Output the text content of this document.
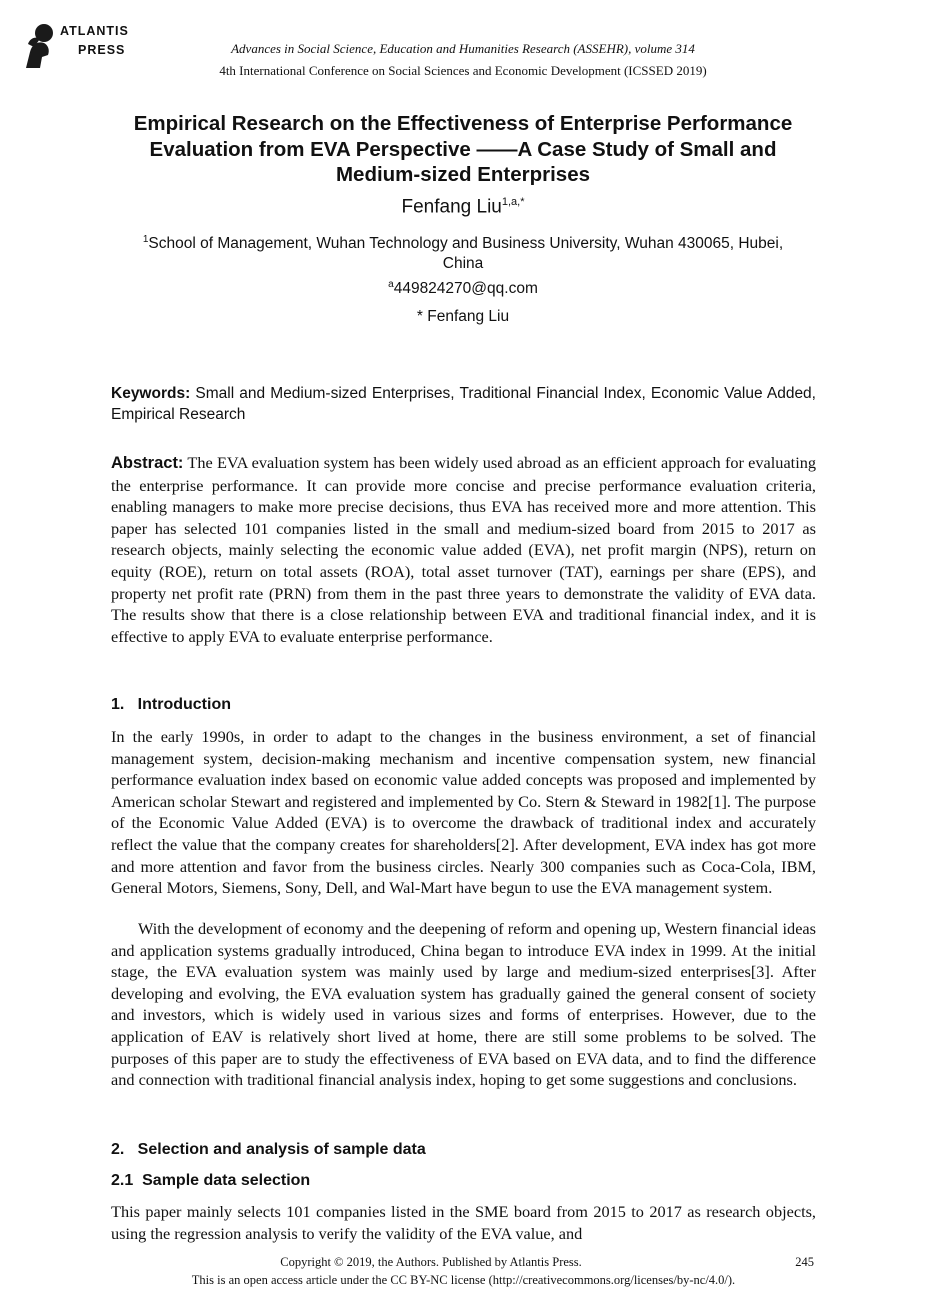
ATLANTIS
PRESS	Advances in Social Science, Education and Humanities Research (ASSEHR), volume 314
4th International Conference on Social Sciences and Economic Development (ICSSED 2019)
Empirical Research on the Effectiveness of Enterprise Performance
Evaluation from EVA Perspective ——A Case Study of Small and
Medium-sized Enterprises
Fenfang Liu$^{1,a,*}$
$^1$School of Management, Wuhan Technology and Business University, Wuhan 430065, Hubei,
China
$^a$449824270@qq.com
* Fenfang Liu
Keywords: Small and Medium-sized Enterprises, Traditional Financial Index, Economic Value Added, Empirical Research

Abstract: The EVA evaluation system has been widely used abroad as an efficient approach for evaluating the enterprise performance. It can provide more concise and precise performance evaluation criteria, enabling managers to make more precise decisions, thus EVA has received more and more attention. This paper has selected 101 companies listed in the small and medium-sized board from 2015 to 2017 as research objects, mainly selecting the economic value added (EVA), net profit margin (NPS), return on equity (ROE), return on total assets (ROA), total asset turnover (TAT), earnings per share (EPS), and property net profit rate (PRN) from them in the past three years to demonstrate the validity of EVA data. The results show that there is a close relationship between EVA and traditional financial index, and it is effective to apply EVA to evaluate enterprise performance.

1.   Introduction

In the early 1990s, in order to adapt to the changes in the business environment, a set of financial management system, decision-making mechanism and incentive compensation system, new financial performance evaluation index based on economic value added concepts was proposed and implemented by American scholar Stewart and registered and implemented by Co. Stern & Steward in 1982[1]. The purpose of the Economic Value Added (EVA) is to overcome the drawback of traditional index and accurately reflect the value that the company creates for shareholders[2]. After development, EVA index has got more and more attention and favor from the business circles. Nearly 300 companies such as Coca-Cola, IBM, General Motors, Siemens, Sony, Dell, and Wal-Mart have begun to use the EVA management system.

With the development of economy and the deepening of reform and opening up, Western financial ideas and application systems gradually introduced, China began to introduce EVA index in 1999. At the initial stage, the EVA evaluation system was mainly used by large and medium-sized enterprises[3]. After developing and evolving, the EVA evaluation system has gradually gained the general consent of society and investors, which is widely used in various sizes and forms of enterprises. However, due to the application of EAV is relatively short lived at home, there are still some problems to be solved. The purposes of this paper are to study the effectiveness of EVA based on EVA data, and to find the difference and connection with traditional financial analysis index, hoping to get some suggestions and conclusions.

2.   Selection and analysis of sample data
2.1  Sample data selection

This paper mainly selects 101 companies listed in the SME board from 2015 to 2017 as research objects, using the regression analysis to verify the validity of the EVA value, and

Copyright © 2019, the Authors. Published by Atlantis Press.	245
This is an open access article under the CC BY-NC license (http://creativecommons.org/licenses/by-nc/4.0/).
